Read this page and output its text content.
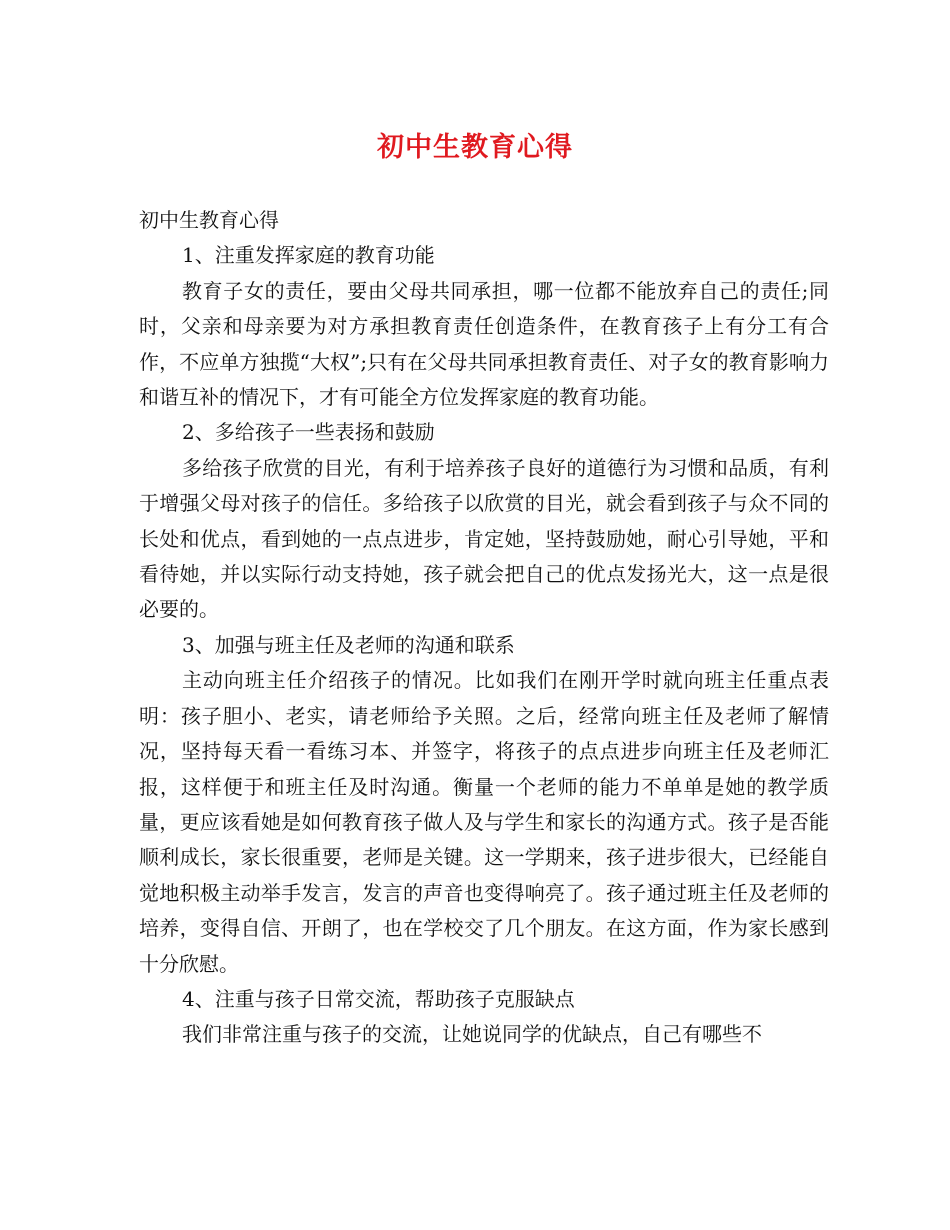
初中生教育心得

初中生教育心得

1、注重发挥家庭的教育功能

教育子女的责任，要由父母共同承担，哪一位都不能放弃自己的责任;同时，父亲和母亲要为对方承担教育责任创造条件，在教育孩子上有分工有合作，不应单方独揽“大权”;只有在父母共同承担教育责任、对子女的教育影响力和谐互补的情况下，才有可能全方位发挥家庭的教育功能。

2、多给孩子一些表扬和鼓励

多给孩子欣赏的目光，有利于培养孩子良好的道德行为习惯和品质，有利于增强父母对孩子的信任。多给孩子以欣赏的目光，就会看到孩子与众不同的长处和优点，看到她的一点点进步，肯定她，坚持鼓励她，耐心引导她，平和看待她，并以实际行动支持她，孩子就会把自己的优点发扬光大，这一点是很必要的。

3、加强与班主任及老师的沟通和联系

主动向班主任介绍孩子的情况。比如我们在刚开学时就向班主任重点表明：孩子胆小、老实，请老师给予关照。之后，经常向班主任及老师了解情况，坚持每天看一看练习本、并签字，将孩子的点点进步向班主任及老师汇报，这样便于和班主任及时沟通。衡量一个老师的能力不单单是她的教学质量，更应该看她是如何教育孩子做人及与学生和家长的沟通方式。孩子是否能顺利成长，家长很重要，老师是关键。这一学期来，孩子进步很大，已经能自觉地积极主动举手发言，发言的声音也变得响亮了。孩子通过班主任及老师的培养，变得自信、开朗了，也在学校交了几个朋友。在这方面，作为家长感到十分欣慰。

4、注重与孩子日常交流，帮助孩子克服缺点

我们非常注重与孩子的交流，让她说同学的优缺点，自己有哪些不
